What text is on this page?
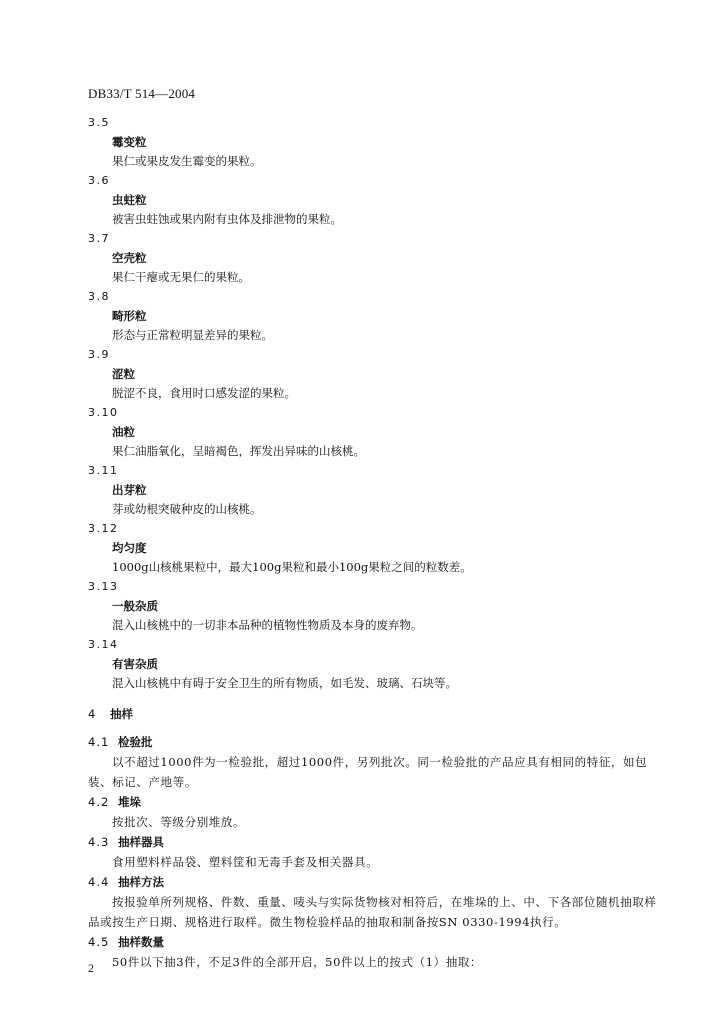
DB33/T 514—2004
3.5
霉变粒
果仁或果皮发生霉变的果粒。
3.6
虫蛀粒
被害虫蛀蚀或果内附有虫体及排泄物的果粒。
3.7
空壳粒
果仁干瘪或无果仁的果粒。
3.8
畸形粒
形态与正常粒明显差异的果粒。
3.9
涩粒
脱涩不良，食用时口感发涩的果粒。
3.10
油粒
果仁油脂氧化，呈暗褐色，挥发出异味的山核桃。
3.11
出芽粒
芽或幼根突破种皮的山核桃。
3.12
均匀度
1000g山核桃果粒中，最大100g果粒和最小100g果粒之间的粒数差。
3.13
一般杂质
混入山核桃中的一切非本品种的植物性物质及本身的废弃物。
3.14
有害杂质
混入山核桃中有碍于安全卫生的所有物质，如毛发、玻璃、石块等。
4 抽样
4.1 检验批
以不超过1000件为一检验批，超过1000件，另列批次。同一检验批的产品应具有相同的特征，如包装、标记、产地等。
4.2 堆垛
按批次、等级分别堆放。
4.3 抽样器具
食用塑料样品袋、塑料筐和无毒手套及相关器具。
4.4 抽样方法
按报验单所列规格、件数、重量、唛头与实际货物核对相符后，在堆垛的上、中、下各部位随机抽取样品或按生产日期、规格进行取样。微生物检验样品的抽取和制备按SN 0330-1994执行。
4.5 抽样数量
50件以下抽3件，不足3件的全部开启，50件以上的按式（1）抽取：
2
